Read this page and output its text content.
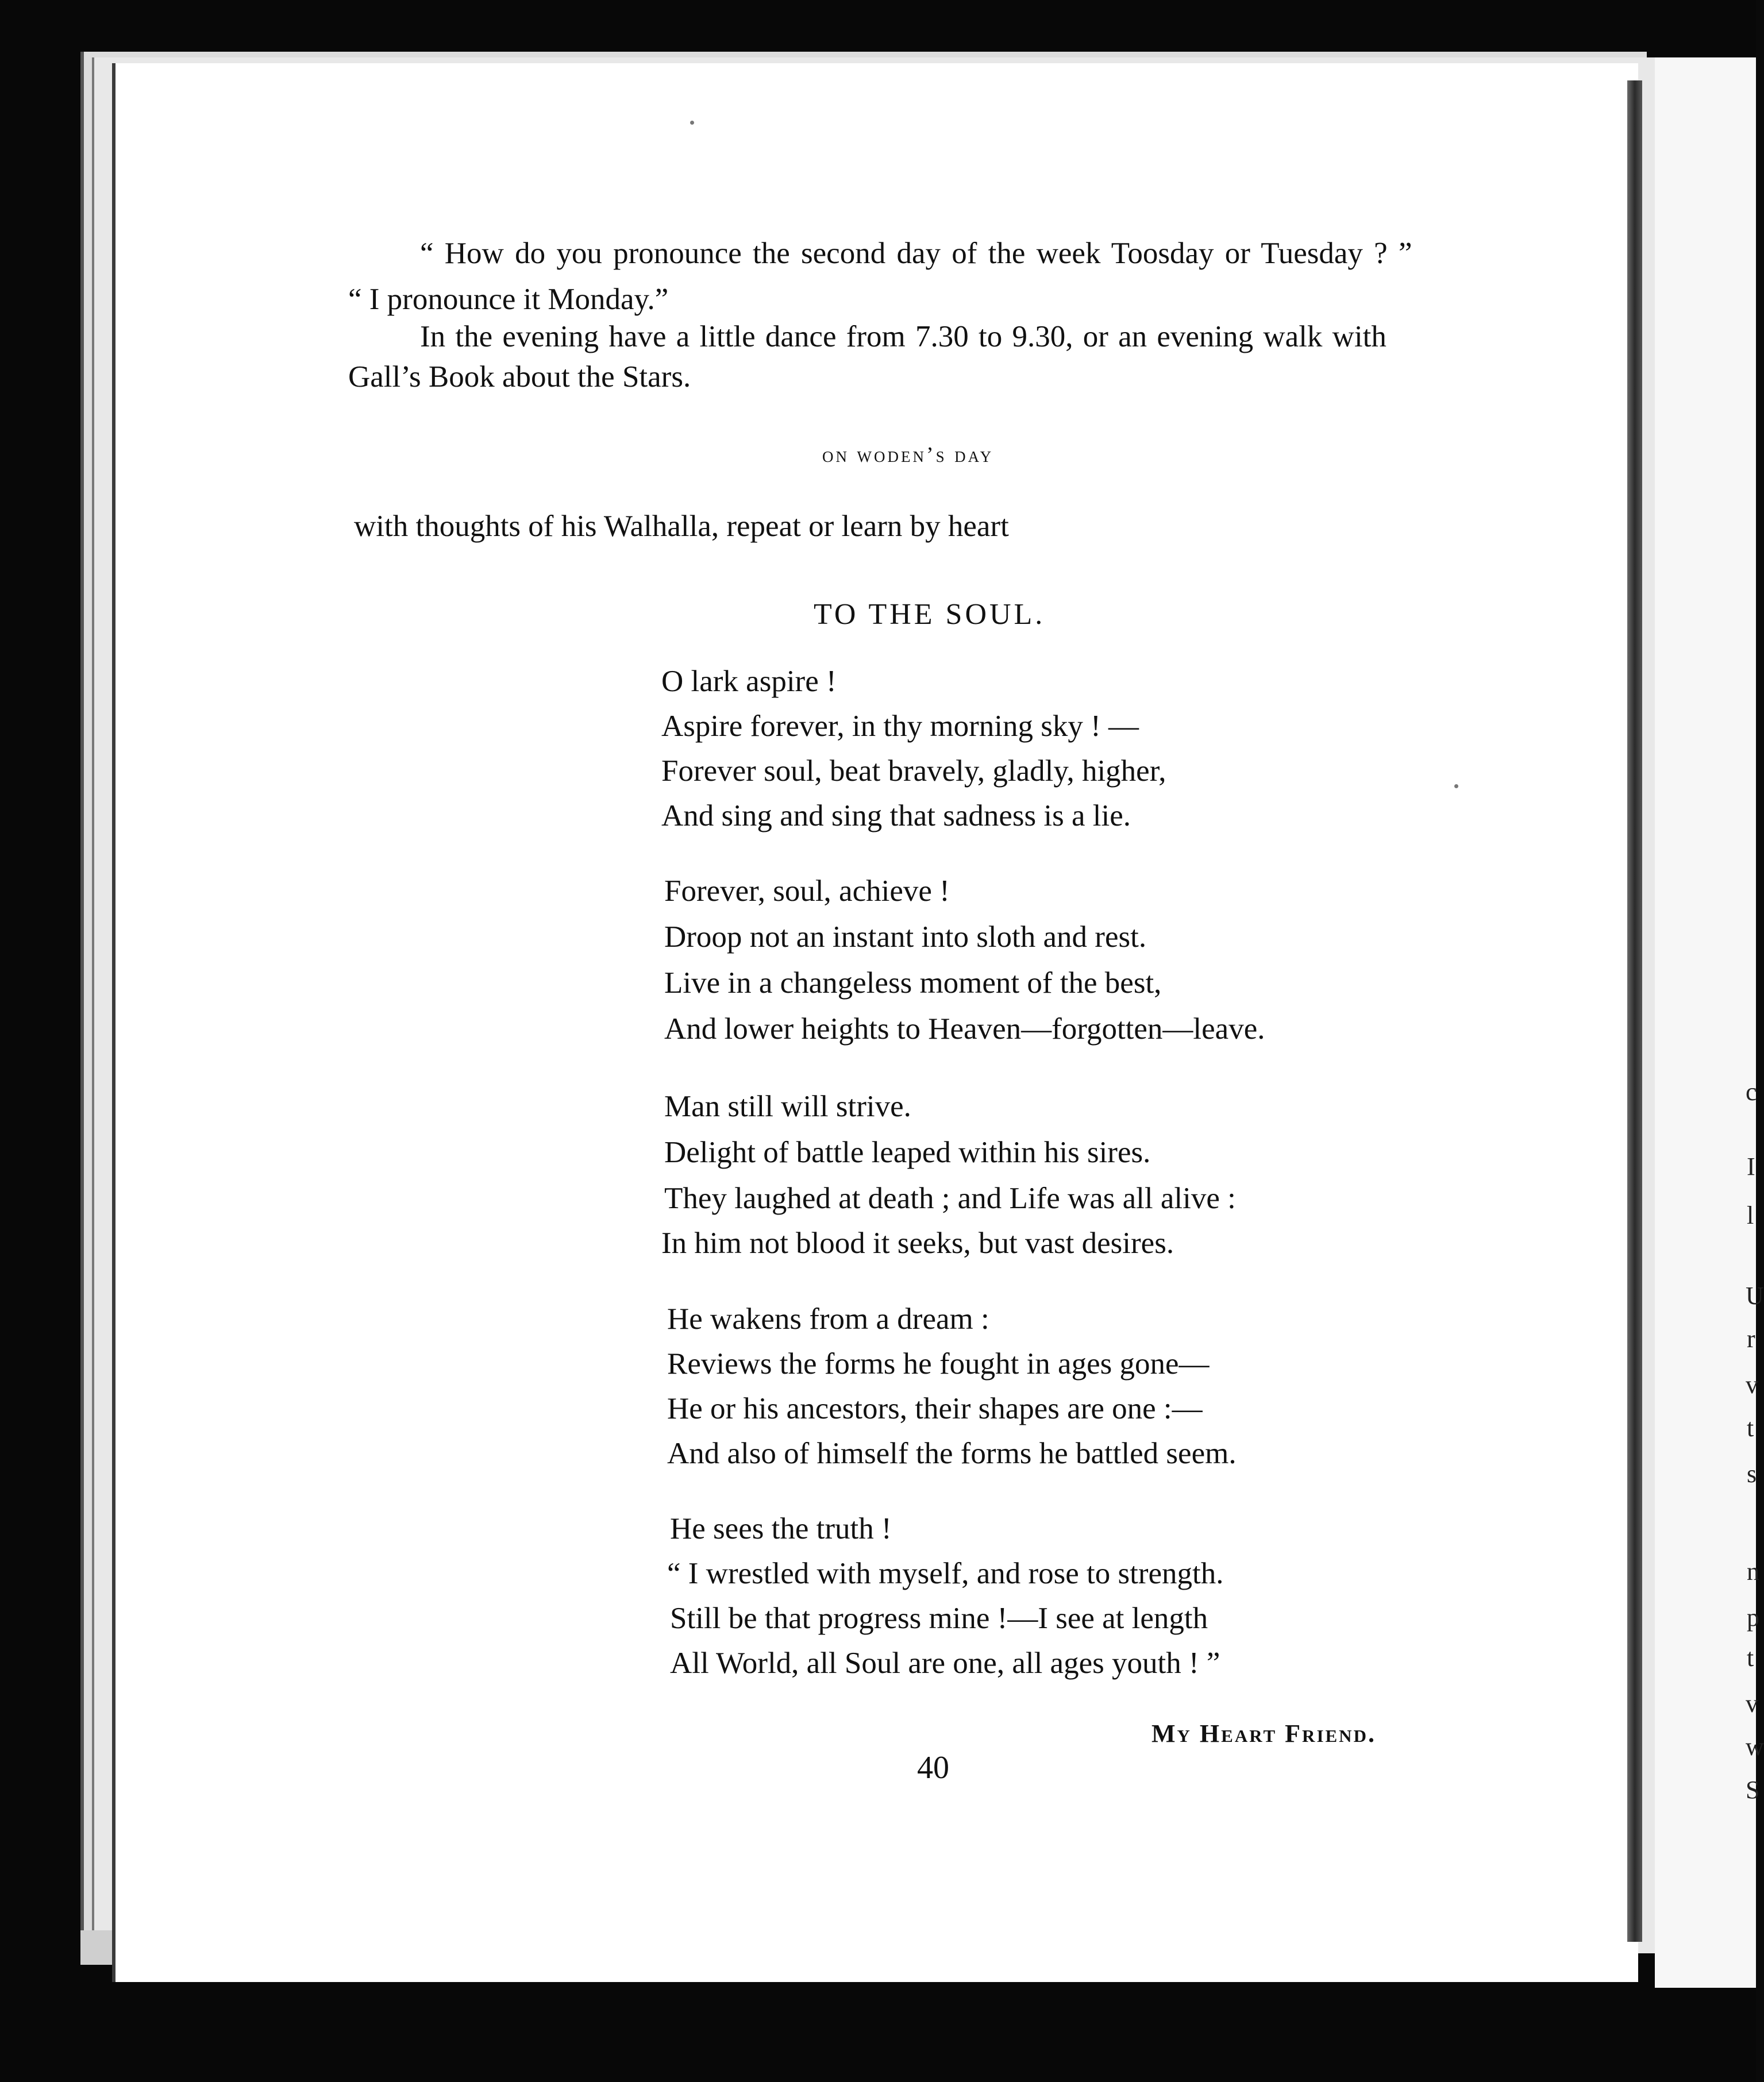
c
I
l
U
r
v
t
s
n
p
t
v
w
S
“ How do you pronounce the second day of the week Toosday or Tuesday ? ”
“ I pronounce it Monday.”
In the evening have a little dance from 7.30 to 9.30, or an evening walk with
Gall’s Book about the Stars.
on woden’s day
with thoughts of his Walhalla, repeat or learn by heart
TO THE SOUL.
O lark aspire !
Aspire forever, in thy morning sky ! —
Forever soul, beat bravely, gladly, higher,
And sing and sing that sadness is a lie.
Forever, soul, achieve !
Droop not an instant into sloth and rest.
Live in a changeless moment of the best,
And lower heights to Heaven—forgotten—leave.
Man still will strive.
Delight of battle leaped within his sires.
They laughed at death ; and Life was all alive :
In him not blood it seeks, but vast desires.
He wakens from a dream :
Reviews the forms he fought in ages gone—
He or his ancestors, their shapes are one :—
And also of himself the forms he battled seem.
He sees the truth !
“ I wrestled with myself, and rose to strength.
Still be that progress mine !—I see at length
All World, all Soul are one, all ages youth ! ”
My Heart Friend.
40
